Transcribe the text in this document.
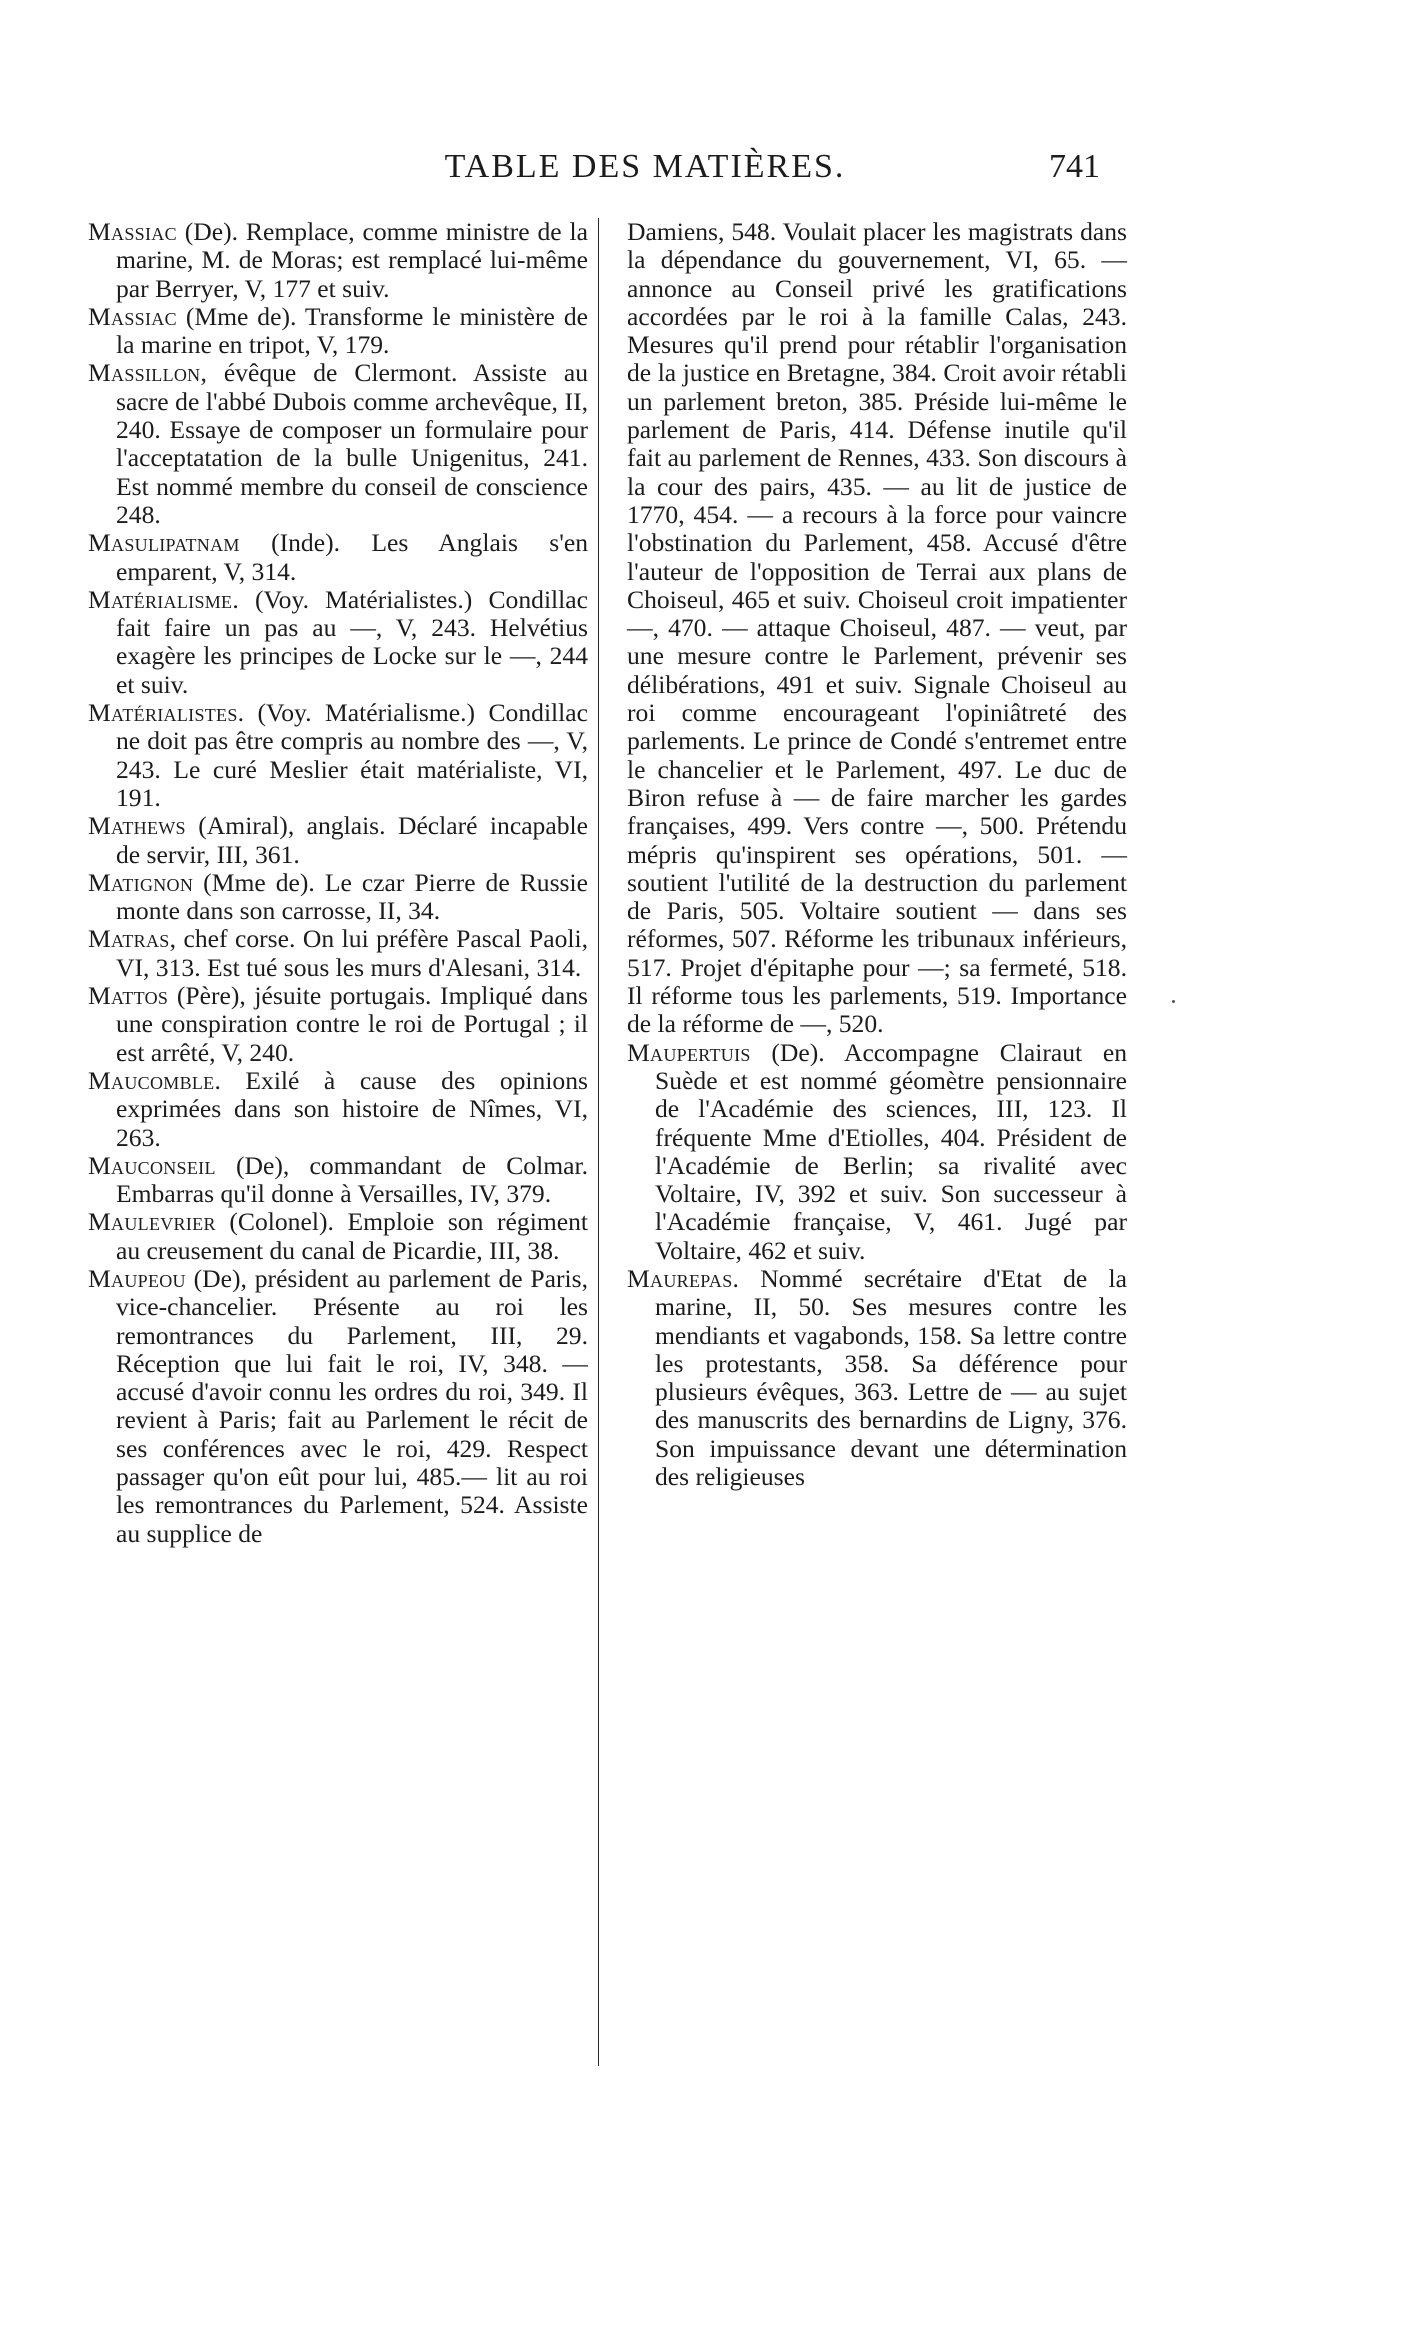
TABLE DES MATIÈRES.	741

Massiac (De). Remplace, comme ministre de la marine, M. de Moras; est remplacé lui-même par Berryer, V, 177 et suiv.

Massiac (Mme de). Transforme le ministère de la marine en tripot, V, 179.

Massillon, évêque de Clermont. Assiste au sacre de l'abbé Dubois comme archevêque, II, 240. Essaye de composer un formulaire pour l'acceptatation de la bulle Unigenitus, 241. Est nommé membre du conseil de conscience 248.

Masulipatnam (Inde). Les Anglais s'en emparent, V, 314.

Matérialisme. (Voy. Matérialistes.) Condillac fait faire un pas au —, V, 243. Helvétius exagère les principes de Locke sur le —, 244 et suiv.

Matérialistes. (Voy. Matérialisme.) Condillac ne doit pas être compris au nombre des —, V, 243. Le curé Meslier était matérialiste, VI, 191.

Mathews (Amiral), anglais. Déclaré incapable de servir, III, 361.

Matignon (Mme de). Le czar Pierre de Russie monte dans son carrosse, II, 34.

Matras, chef corse. On lui préfère Pascal Paoli, VI, 313. Est tué sous les murs d'Alesani, 314.

Mattos (Père), jésuite portugais. Impliqué dans une conspiration contre le roi de Portugal ; il est arrêté, V, 240.

Maucomble. Exilé à cause des opinions exprimées dans son histoire de Nîmes, VI, 263.

Mauconseil (De), commandant de Colmar. Embarras qu'il donne à Versailles, IV, 379.

Maulevrier (Colonel). Emploie son régiment au creusement du canal de Picardie, III, 38.

Maupeou (De), président au parlement de Paris, vice-chancelier. Présente au roi les remontrances du Parlement, III, 29. Réception que lui fait le roi, IV, 348. — accusé d'avoir connu les ordres du roi, 349. Il revient à Paris; fait au Parlement le récit de ses conférences avec le roi, 429. Respect passager qu'on eût pour lui, 485.— lit au roi les remontrances du Parlement, 524. Assiste au supplice de

Damiens, 548. Voulait placer les magistrats dans la dépendance du gouvernement, VI, 65. — annonce au Conseil privé les gratifications accordées par le roi à la famille Calas, 243. Mesures qu'il prend pour rétablir l'organisation de la justice en Bretagne, 384. Croit avoir rétabli un parlement breton, 385. Préside lui-même le parlement de Paris, 414. Défense inutile qu'il fait au parlement de Rennes, 433. Son discours à la cour des pairs, 435. — au lit de justice de 1770, 454. — a recours à la force pour vaincre l'obstination du Parlement, 458. Accusé d'être l'auteur de l'opposition de Terrai aux plans de Choiseul, 465 et suiv. Choiseul croit impatienter —, 470. — attaque Choiseul, 487. — veut, par une mesure contre le Parlement, prévenir ses délibérations, 491 et suiv. Signale Choiseul au roi comme encourageant l'opiniâtreté des parlements. Le prince de Condé s'entremet entre le chancelier et le Parlement, 497. Le duc de Biron refuse à — de faire marcher les gardes françaises, 499. Vers contre —, 500. Prétendu mépris qu'inspirent ses opérations, 501. — soutient l'utilité de la destruction du parlement de Paris, 505. Voltaire soutient — dans ses réformes, 507. Réforme les tribunaux inférieurs, 517. Projet d'épitaphe pour —; sa fermeté, 518. Il réforme tous les parlements, 519. Importance de la réforme de —, 520.

Maupertuis (De). Accompagne Clairaut en Suède et est nommé géomètre pensionnaire de l'Académie des sciences, III, 123. Il fréquente Mme d'Etiolles, 404. Président de l'Académie de Berlin; sa rivalité avec Voltaire, IV, 392 et suiv. Son successeur à l'Académie française, V, 461. Jugé par Voltaire, 462 et suiv.

Maurepas. Nommé secrétaire d'Etat de la marine, II, 50. Ses mesures contre les mendiants et vagabonds, 158. Sa lettre contre les protestants, 358. Sa déférence pour plusieurs évêques, 363. Lettre de — au sujet des manuscrits des bernardins de Ligny, 376. Son impuissance devant une détermination des religieuses
